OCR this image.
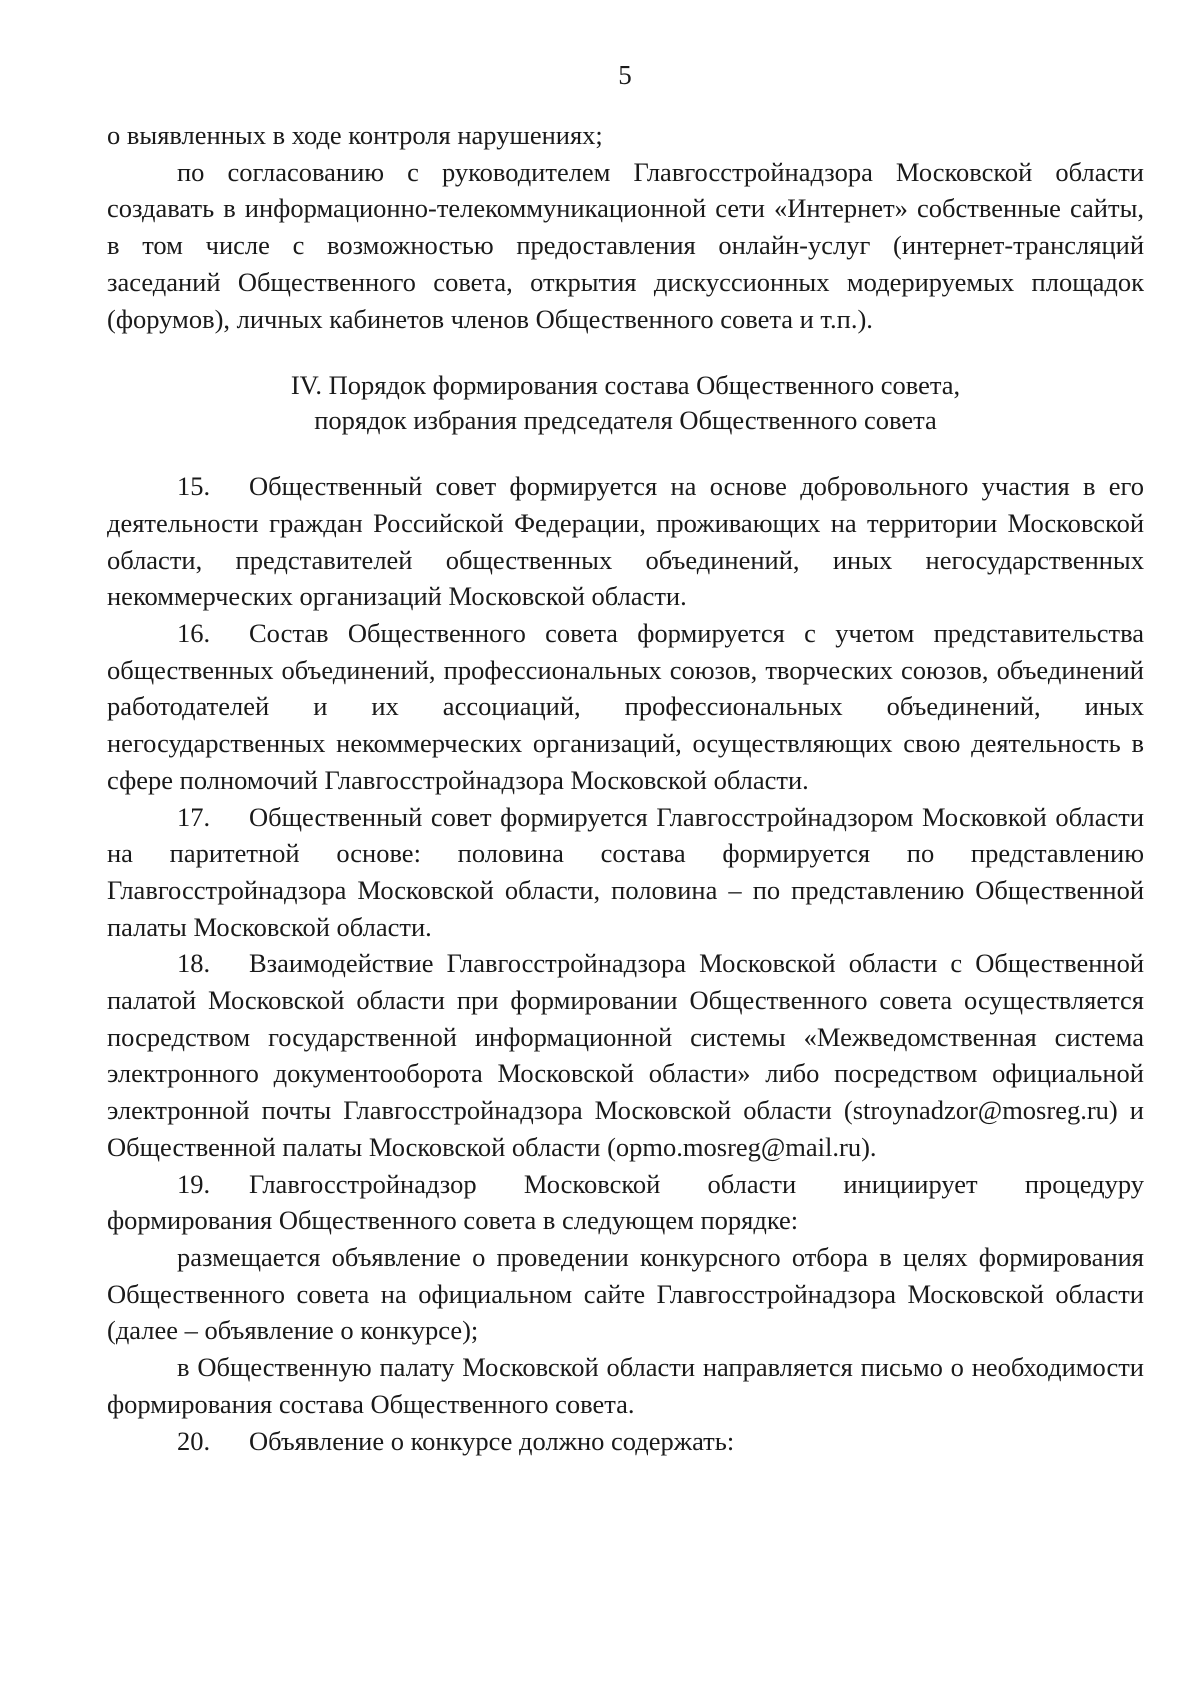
5

о выявленных в ходе контроля нарушениях;

по согласованию с руководителем Главгосстройнадзора Московской области создавать в информационно-телекоммуникационной сети «Интернет» собственные сайты, в том числе с возможностью предоставления онлайн-услуг (интернет-трансляций заседаний Общественного совета, открытия дискуссионных модерируемых площадок (форумов), личных кабинетов членов Общественного совета и т.п.).

IV. Порядок формирования состава Общественного совета,
порядок избрания председателя Общественного совета

15. Общественный совет формируется на основе добровольного участия в его деятельности граждан Российской Федерации, проживающих на территории Московской области, представителей общественных объединений, иных негосударственных некоммерческих организаций Московской области.

16. Состав Общественного совета формируется с учетом представительства общественных объединений, профессиональных союзов, творческих союзов, объединений работодателей и их ассоциаций, профессиональных объединений, иных негосударственных некоммерческих организаций, осуществляющих свою деятельность в сфере полномочий Главгосстройнадзора Московской области.

17. Общественный совет формируется Главгосстройнадзором Московкой области на паритетной основе: половина состава формируется по представлению Главгосстройнадзора Московской области, половина – по представлению Общественной палаты Московской области.

18. Взаимодействие Главгосстройнадзора Московской области с Общественной палатой Московской области при формировании Общественного совета осуществляется посредством государственной информационной системы «Межведомственная система электронного документооборота Московской области» либо посредством официальной электронной почты Главгосстройнадзора Московской области (stroynadzor@mosreg.ru) и Общественной палаты Московской области (opmo.mosreg@mail.ru).

19. Главгосстройнадзор Московской области инициирует процедуру формирования Общественного совета в следующем порядке:

размещается объявление о проведении конкурсного отбора в целях формирования Общественного совета на официальном сайте Главгосстройнадзора Московской области (далее – объявление о конкурсе);

в Общественную палату Московской области направляется письмо о необходимости формирования состава Общественного совета.

20. Объявление о конкурсе должно содержать:
